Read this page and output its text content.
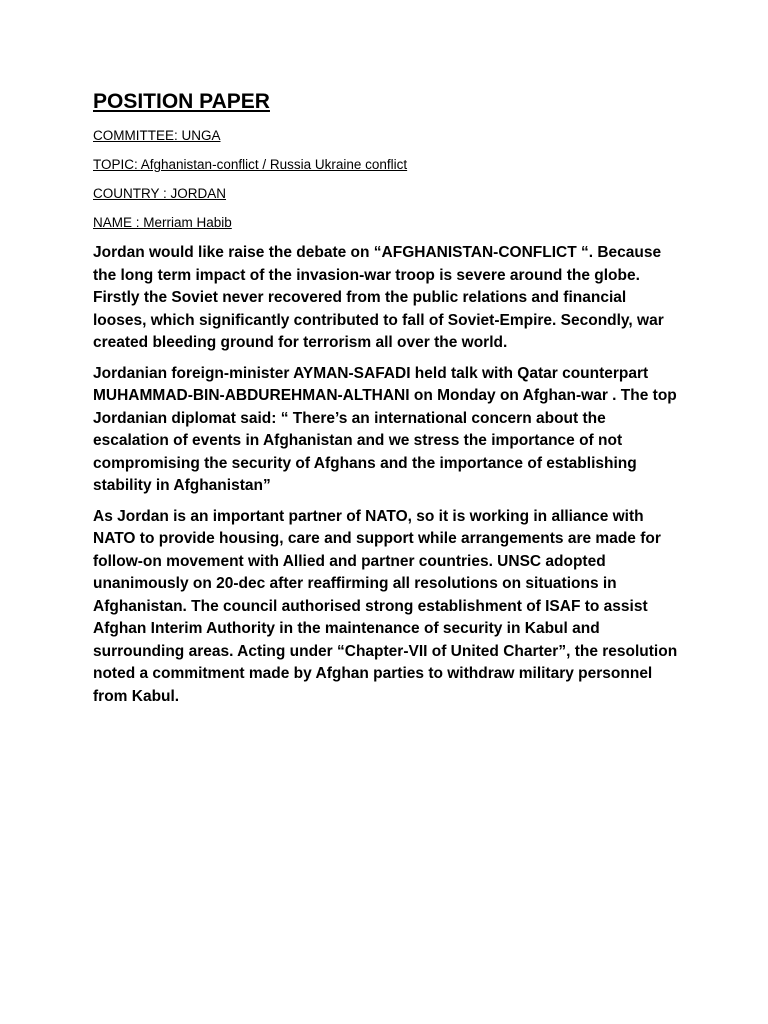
POSITION PAPER
COMMITTEE: UNGA
TOPIC: Afghanistan-conflict / Russia Ukraine conflict
COUNTRY : JORDAN
NAME : Merriam Habib

Jordan would like raise the debate on “AFGHANISTAN-CONFLICT “. Because the long term impact of the invasion-war troop is severe around the globe. Firstly the Soviet never recovered from the public relations and financial looses, which significantly contributed to fall of Soviet-Empire. Secondly, war created bleeding ground for terrorism all over the world.

Jordanian foreign-minister AYMAN-SAFADI held talk with Qatar counterpart MUHAMMAD-BIN-ABDUREHMAN-ALTHANI on Monday on Afghan-war . The top Jordanian diplomat said: “ There’s an international concern about the escalation of events in Afghanistan and we stress the importance of not compromising the security of Afghans and the importance of establishing stability in Afghanistan”

As Jordan is an important partner of NATO, so it is working in alliance with NATO to provide housing, care and support while arrangements are made for follow-on movement with Allied and partner countries. UNSC adopted unanimously on 20-dec after reaffirming all resolutions on situations in Afghanistan. The council authorised strong establishment of ISAF to assist Afghan Interim Authority in the maintenance of security in Kabul and surrounding areas. Acting under “Chapter-VII of United Charter”, the resolution noted a commitment made by Afghan parties to withdraw military personnel from Kabul.
